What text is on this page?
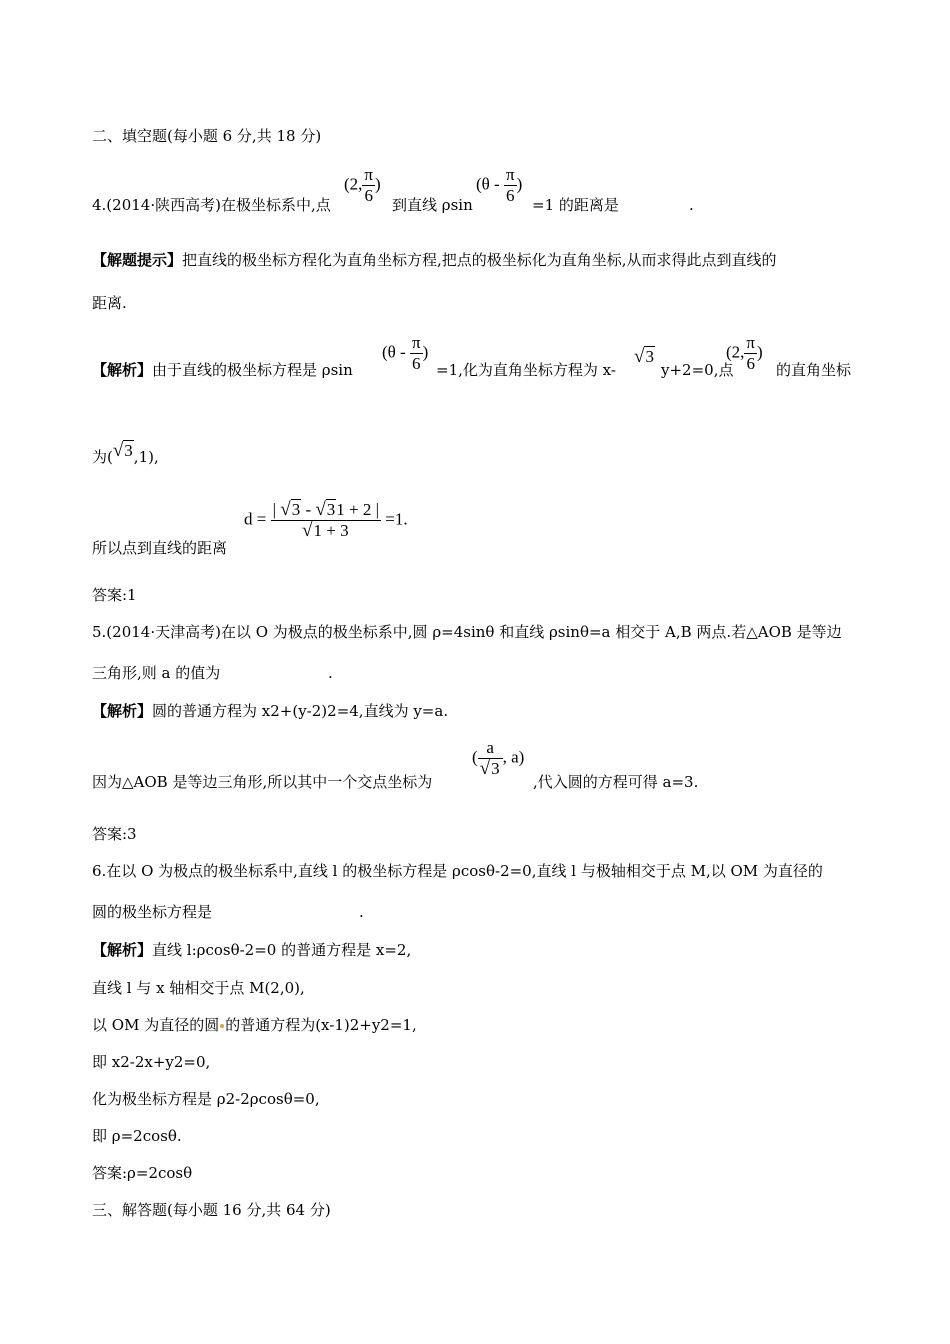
二、填空题(每小题 6 分,共 18 分)
4.(2014·陕西高考)在极坐标系中,点
(2, $\frac{\pi}{6}$ )
到直线 ρsin
($\theta - \frac{\pi}{6}$ )
=1 的距离是	.
【解题提示】把直线的极坐标方程化为直角坐标方程,把点的极坐标化为直角坐标,从而求得此点到直线的
距离.
【解析】由于直线的极坐标方程是 ρsin
($\theta - \frac{\pi}{6}$ )
=1,化为直角坐标方程为 x-
√3
y+2=0,点
(2, $\frac{\pi}{6}$ )
的直角坐标
为(√3,1),
所以点到直线的距离
$d = \frac{| √3 - √31 + 2 |}{√1 + 3} =1$.
答案:1
5.(2014·天津高考)在以 O 为极点的极坐标系中,圆 ρ=4sinθ 和直线 ρsinθ=a 相交于 A,B 两点.若△AOB 是等边
三角形,则 a 的值为	.
【解析】圆的普通方程为 x2+(y-2)2=4,直线为 y=a.
因为△AOB 是等边三角形,所以其中一个交点坐标为
( $\frac{a}{√3}$ , a)
,代入圆的方程可得 a=3.
答案:3
6.在以 O 为极点的极坐标系中,直线 l 的极坐标方程是 ρcosθ-2=0,直线 l 与极轴相交于点 M,以 OM 为直径的
圆的极坐标方程是	.
【解析】直线 l:ρcosθ-2=0 的普通方程是 x=2,
直线 l 与 x 轴相交于点 M(2,0),
以 OM 为直径的圆 的普通方程为(x-1)2+y2=1,
即 x2-2x+y2=0,
化为极坐标方程是 ρ2-2ρcosθ=0,
即 ρ=2cosθ.
答案:ρ=2cosθ
三、解答题(每小题 16 分,共 64 分)
